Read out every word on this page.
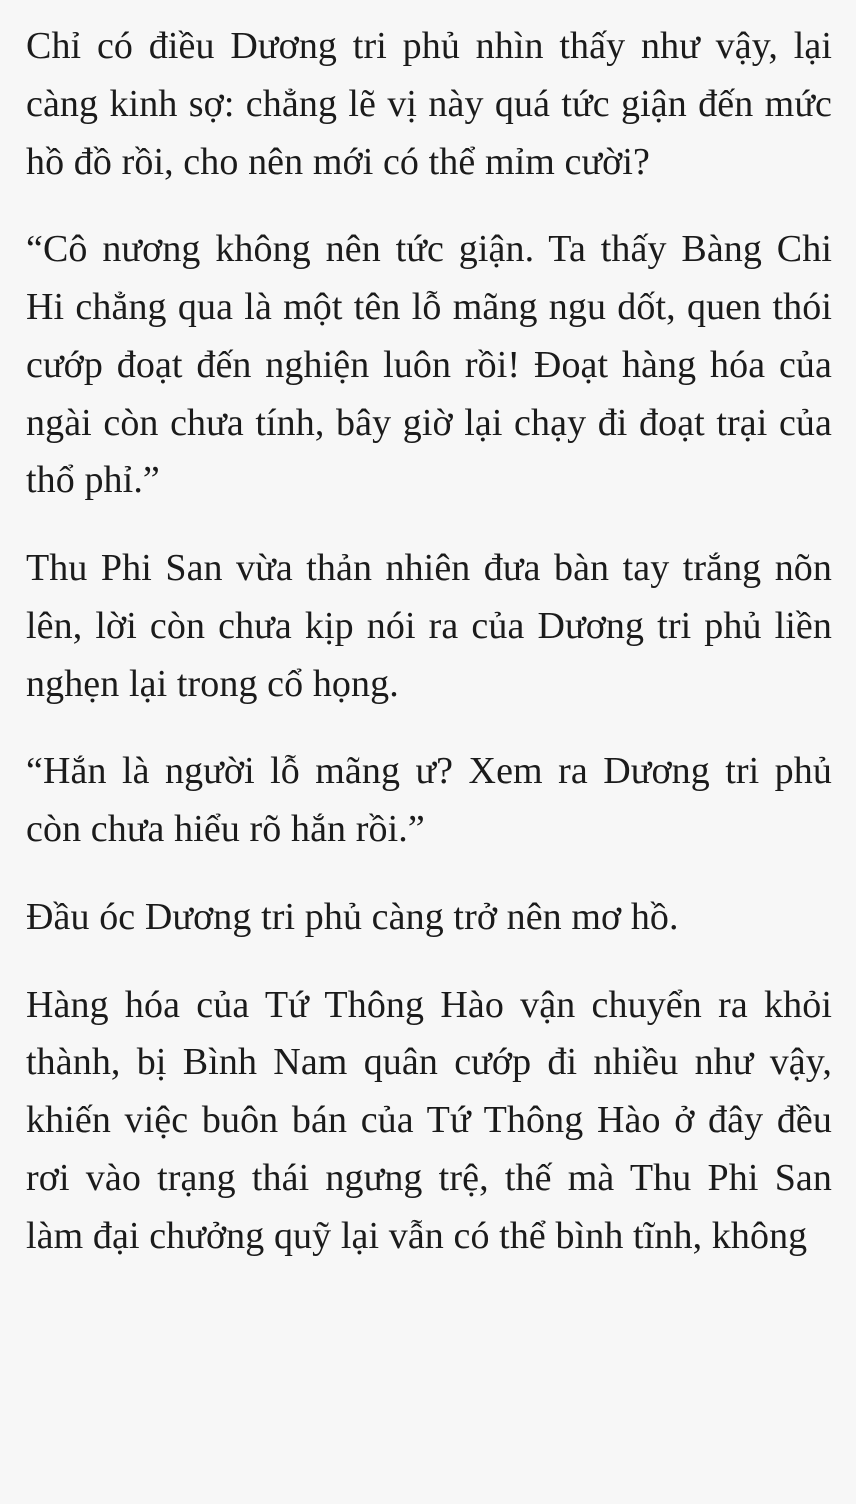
Chỉ có điều Dương tri phủ nhìn thấy như vậy, lại càng kinh sợ: chẳng lẽ vị này quá tức giận đến mức hồ đồ rồi, cho nên mới có thể mỉm cười?

“Cô nương không nên tức giận. Ta thấy Bàng Chi Hi chẳng qua là một tên lỗ mãng ngu dốt, quen thói cướp đoạt đến nghiện luôn rồi! Đoạt hàng hóa của ngài còn chưa tính, bây giờ lại chạy đi đoạt trại của thổ phỉ.”

Thu Phi San vừa thản nhiên đưa bàn tay trắng nõn lên, lời còn chưa kịp nói ra của Dương tri phủ liền nghẹn lại trong cổ họng.

“Hắn là người lỗ mãng ư? Xem ra Dương tri phủ còn chưa hiểu rõ hắn rồi.”

Đầu óc Dương tri phủ càng trở nên mơ hồ.

Hàng hóa của Tứ Thông Hào vận chuyển ra khỏi thành, bị Bình Nam quân cướp đi nhiều như vậy, khiến việc buôn bán của Tứ Thông Hào ở đây đều rơi vào trạng thái ngưng trệ, thế mà Thu Phi San làm đại chưởng quỹ lại vẫn có thể bình tĩnh, không
